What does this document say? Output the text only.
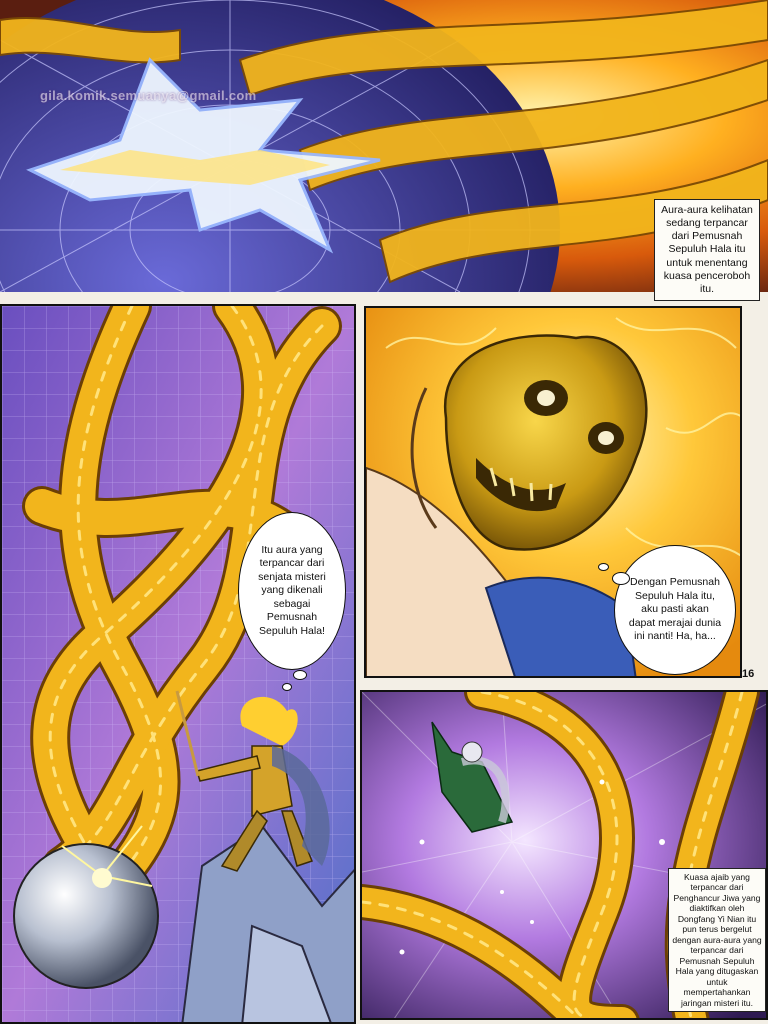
gila.komik.semuanya@gmail.com
Aura-aura kelihatan sedang terpancar dari Pemusnah Sepuluh Hala itu untuk menentang kuasa penceroboh itu.
Itu aura yang terpancar dari senjata misteri yang dikenali sebagai Pemusnah Sepuluh Hala!
Dengan Pemusnah Sepuluh Hala itu, aku pasti akan dapat merajai dunia ini nanti! Ha, ha...
16
Kuasa ajaib yang terpancar dari Penghancur Jiwa yang diaktifkan oleh Dongfang Yi Nian itu pun terus bergelut dengan aura-aura yang terpancar dari Pemusnah Sepuluh Hala yang ditugaskan untuk mempertahankan jaringan misteri itu.
